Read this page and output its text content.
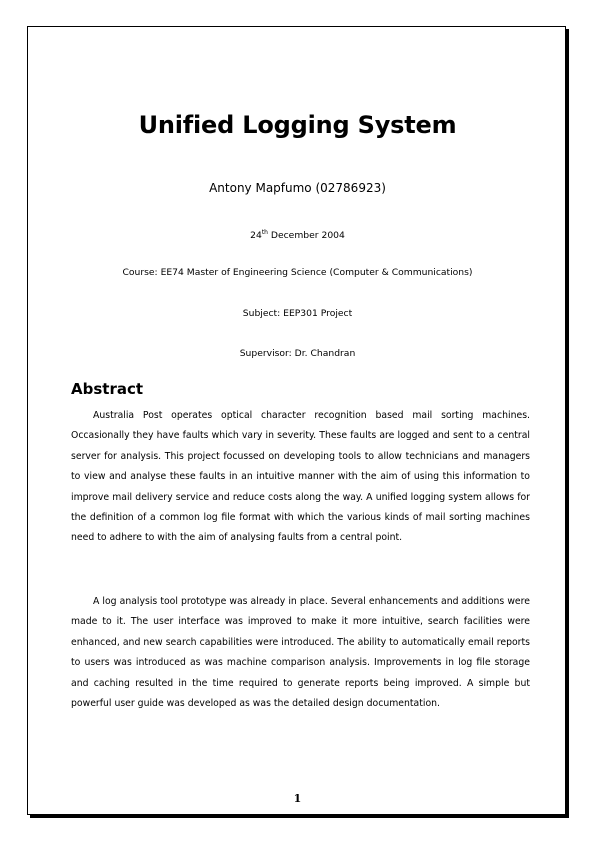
Unified Logging System
Antony Mapfumo (02786923)
24th December 2004
Course: EE74 Master of Engineering Science (Computer & Communications)
Subject: EEP301 Project
Supervisor: Dr. Chandran
Abstract

Australia Post operates optical character recognition based mail sorting machines. Occasionally they have faults which vary in severity. These faults are logged and sent to a central server for analysis. This project focussed on developing tools to allow technicians and managers to view and analyse these faults in an intuitive manner with the aim of using this information to improve mail delivery service and reduce costs along the way. A unified logging system allows for the definition of a common log file format with which the various kinds of mail sorting machines need to adhere to with the aim of analysing faults from a central point.

A log analysis tool prototype was already in place. Several enhancements and additions were made to it. The user interface was improved to make it more intuitive, search facilities were enhanced, and new search capabilities were introduced. The ability to automatically email reports to users was introduced as was machine comparison analysis. Improvements in log file storage and caching resulted in the time required to generate reports being improved. A simple but powerful user guide was developed as was the detailed design documentation.

1
